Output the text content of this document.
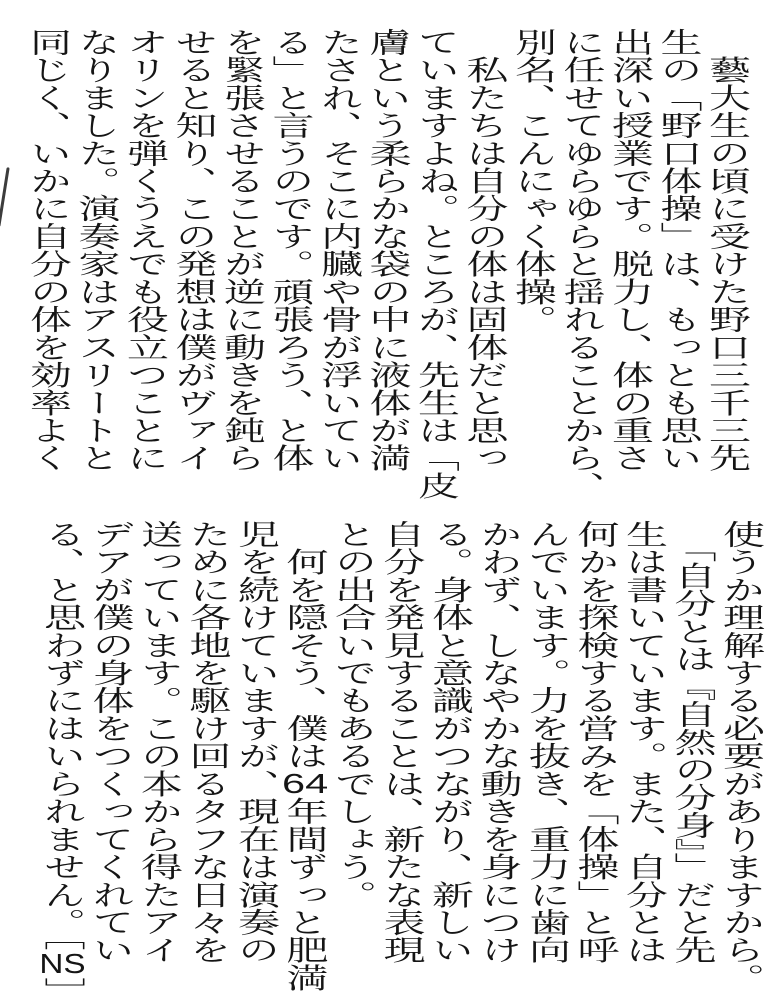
　藝大生の頃に受けた野口三千三先
生の「野口体操」は、もっとも思い
出深い授業です。脱力し、体の重さ
に任せてゆらゆらと揺れることから、
別名、こんにゃく体操。
　私たちは自分の体は固体だと思っ
ていますよね。ところが、先生は「皮
膚という柔らかな袋の中に液体が満
たされ、そこに内臓や骨が浮いてい
る」と言うのです。頑張ろう、と体
を緊張させることが逆に動きを鈍ら
せると知り、この発想は僕がヴァイ
オリンを弾くうえでも役立つことに
なりました。演奏家はアスリートと
同じく、いかに自分の体を効率よく
使うか理解する必要がありますから。
　「自分とは『自然の分身』」だと先
生は書いています。また、自分とは
何かを探検する営みを「体操」と呼
んでいます。力を抜き、重力に歯向
かわず、しなやかな動きを身につけ
る。身体と意識がつながり、新しい
自分を発見することは、新たな表現
との出合いでもあるでしょう。
　何を隠そう、僕は64年間ずっと肥満
児を続けていますが、現在は演奏の
ために各地を駆け回るタフな日々を
送っています。この本から得たアイ
デアが僕の身体をつくってくれてい
る、と思わずにはいられません。［NS］
